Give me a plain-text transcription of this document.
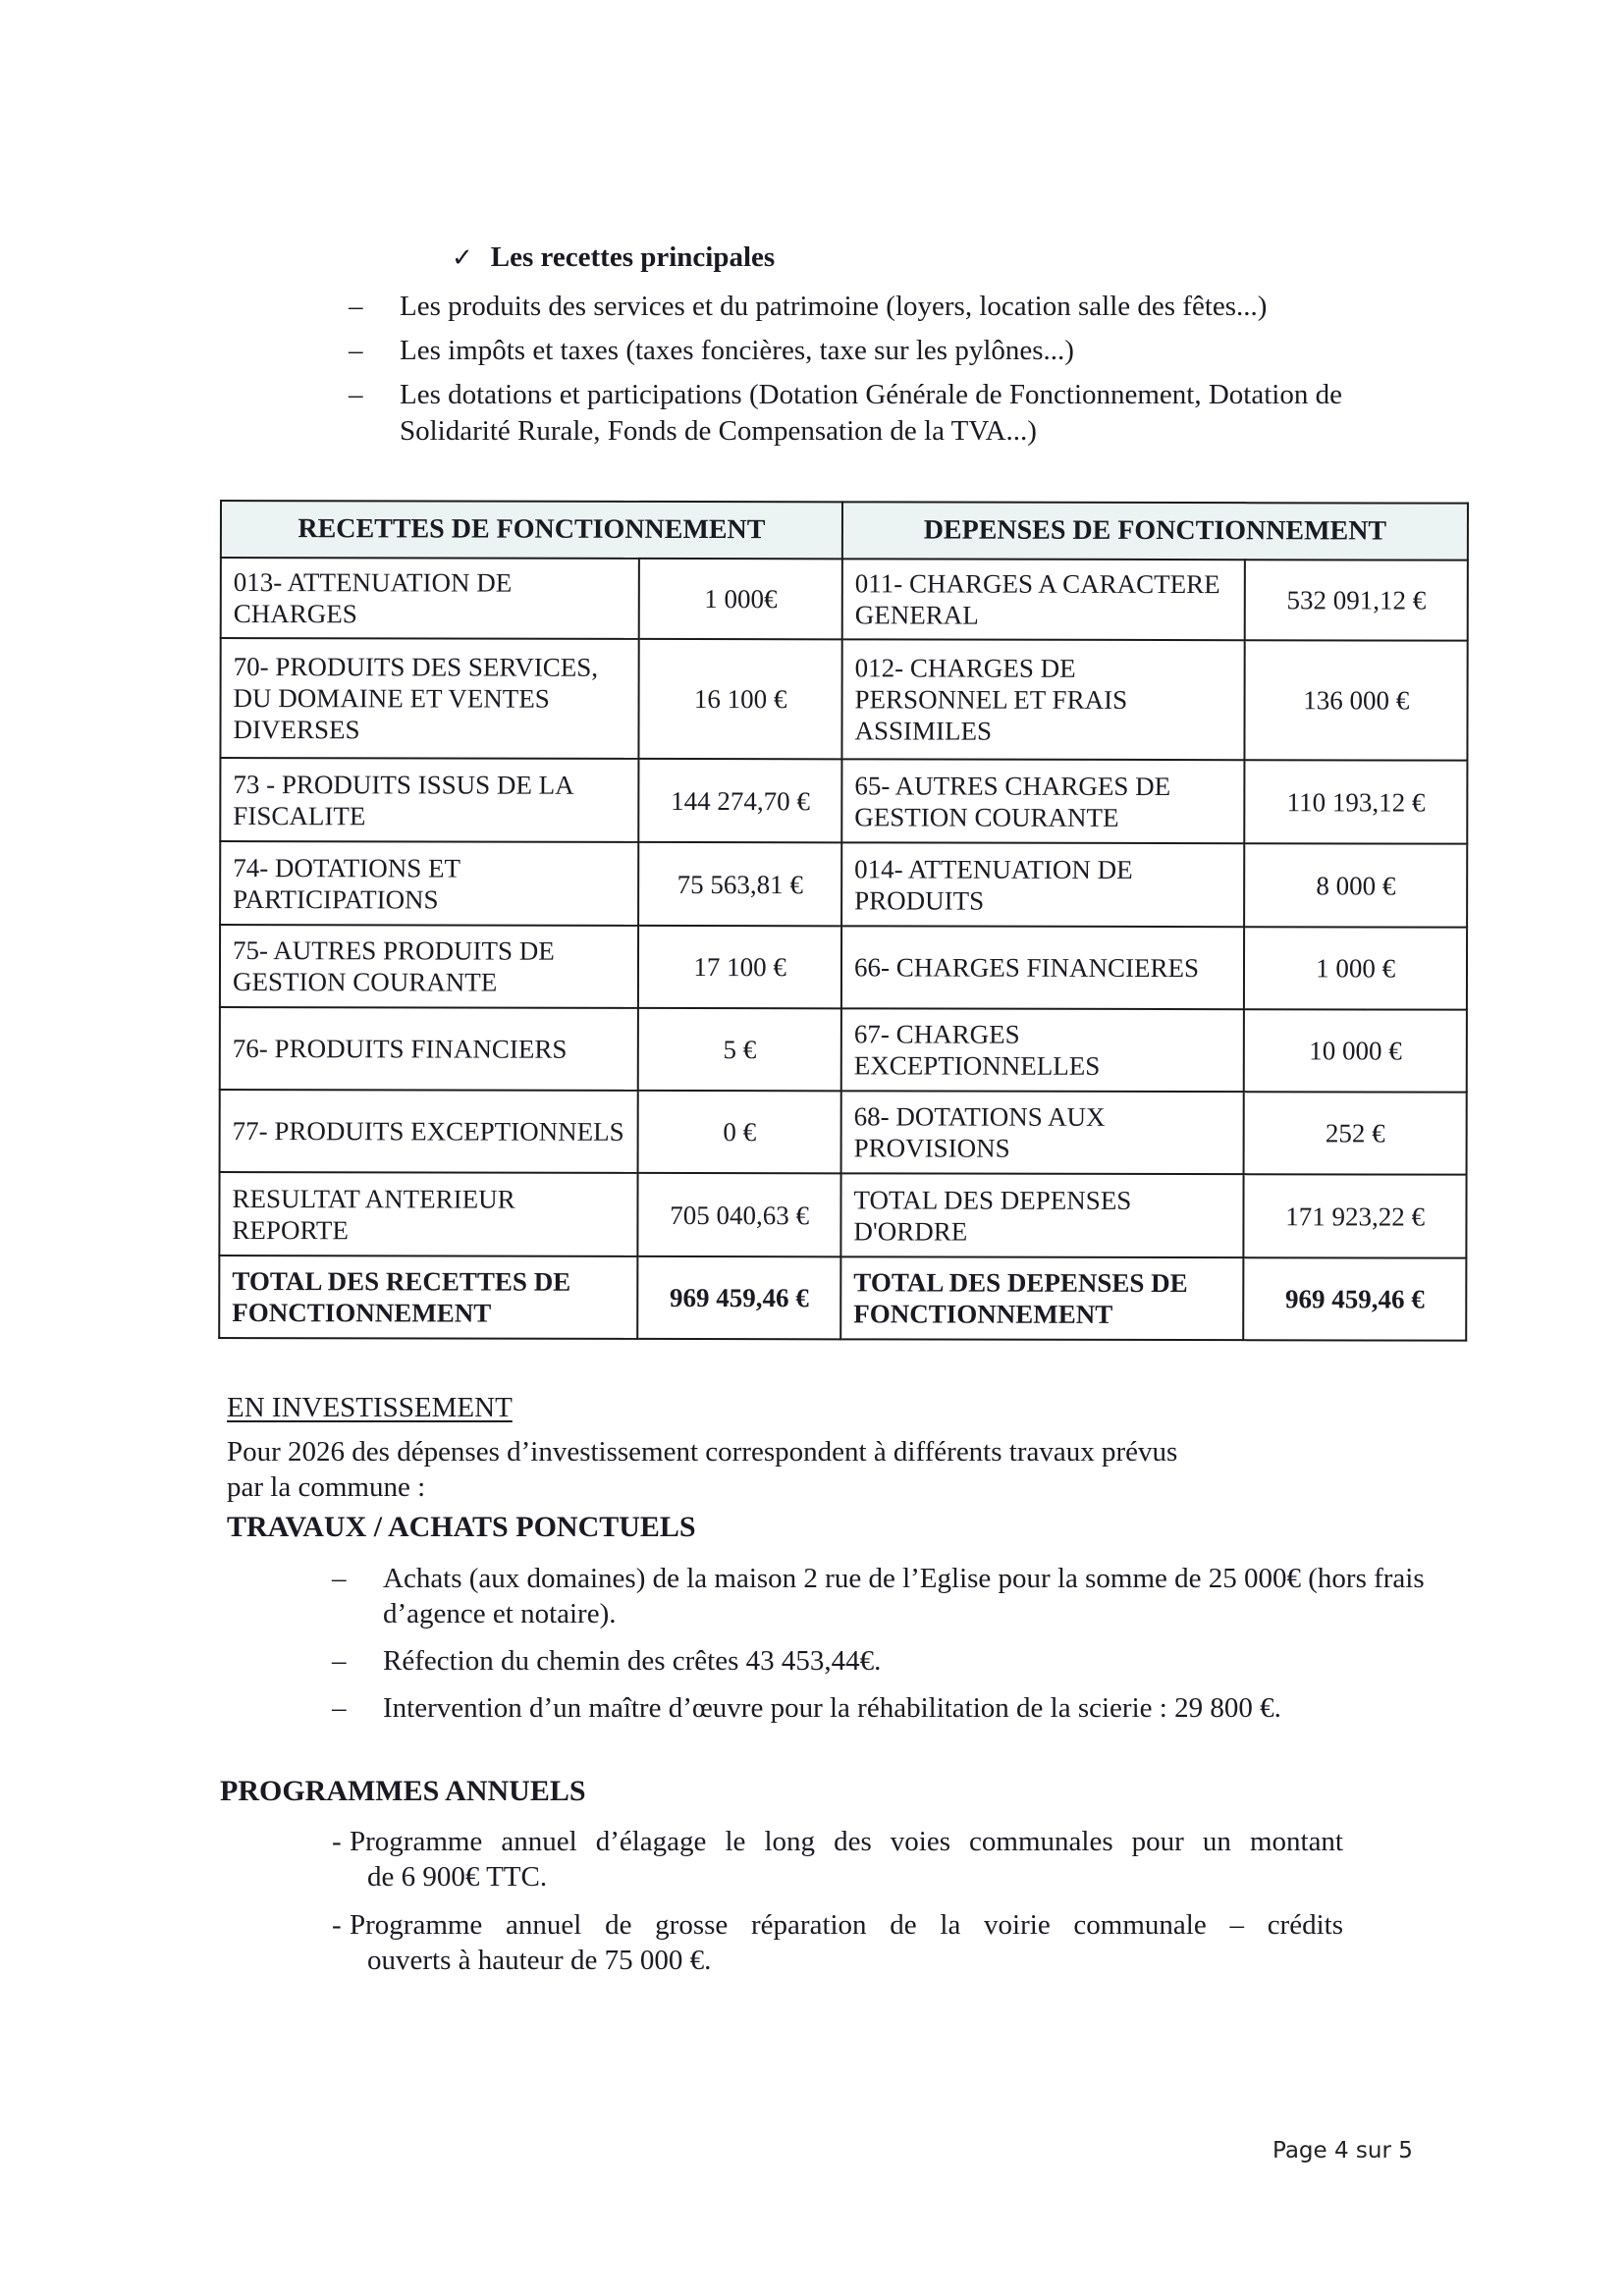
✓ Les recettes principales
–	Les produits des services et du patrimoine (loyers, location salle des fêtes...)
–	Les impôts et taxes (taxes foncières, taxe sur les pylônes...)
– Les dotations et participations (Dotation Générale de Fonctionnement, Dotation de Solidarité Rurale, Fonds de Compensation de la TVA...)
RECETTES DE FONCTIONNEMENT		DEPENSES DE FONCTIONNEMENT	
013- ATTENUATION DE CHARGES	1 000€	011- CHARGES A CARACTERE GENERAL	532 091,12 €
70- PRODUITS DES SERVICES, DU DOMAINE ET VENTES DIVERSES	16 100 €	012- CHARGES DE PERSONNEL ET FRAIS ASSIMILES	136 000 €
73 - PRODUITS ISSUS DE LA FISCALITE	144 274,70 €	65- AUTRES CHARGES DE GESTION COURANTE	110 193,12 €
74- DOTATIONS ET PARTICIPATIONS	75 563,81 €	014- ATTENUATION DE PRODUITS	8 000 €
75- AUTRES PRODUITS DE GESTION COURANTE	17 100 €	66- CHARGES FINANCIERES	1 000 €
76- PRODUITS FINANCIERS	5 €	67- CHARGES EXCEPTIONNELLES	10 000 €
77- PRODUITS EXCEPTIONNELS	0 €	68- DOTATIONS AUX PROVISIONS	252 €
RESULTAT ANTERIEUR REPORTE	705 040,63 €	TOTAL DES DEPENSES D'ORDRE	171 923,22 €
TOTAL DES RECETTES DE FONCTIONNEMENT	969 459,46 €	TOTAL DES DEPENSES DE FONCTIONNEMENT	969 459,46 €
EN INVESTISSEMENT
Pour 2026 des dépenses d’investissement correspondent à différents travaux prévus
par la commune :
TRAVAUX / ACHATS PONCTUELS
–	Achats (aux domaines) de la maison 2 rue de l’Eglise pour la somme de 25 000€ (hors frais d’agence et notaire).
–	Réfection du chemin des crêtes 43 453,44€.
–	Intervention d’un maître d’œuvre pour la réhabilitation de la scierie : 29 800 €.
PROGRAMMES ANNUELS
- Programme annuel d’élagage le long des voies communales pour un montant
de 6 900€ TTC.
- Programme annuel de grosse réparation de la voirie communale – crédits
ouverts à hauteur de 75 000 €.
Page 4 sur 5
